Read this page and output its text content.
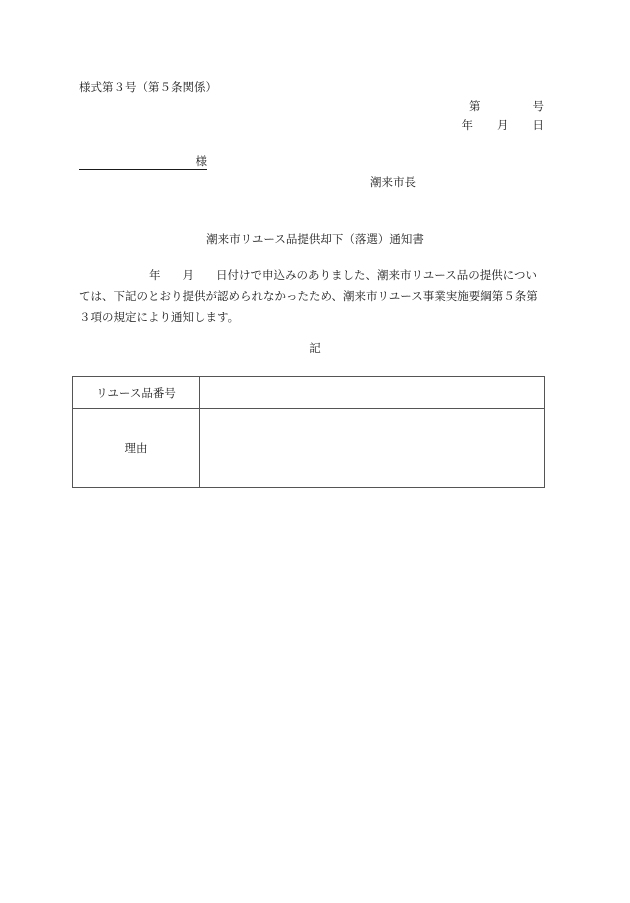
様式第３号（第５条関係）
第	号
年 月 日
様
潮来市長
潮来市リユース品提供却下（落選）通知書
年 月 日付けで申込みのありました、潮来市リユース品の提供につい
ては、下記のとおり提供が認められなかったため、潮来市リユース事業実施要綱第５条第
３項の規定により通知します。
記
リユース品番号	
理由	
